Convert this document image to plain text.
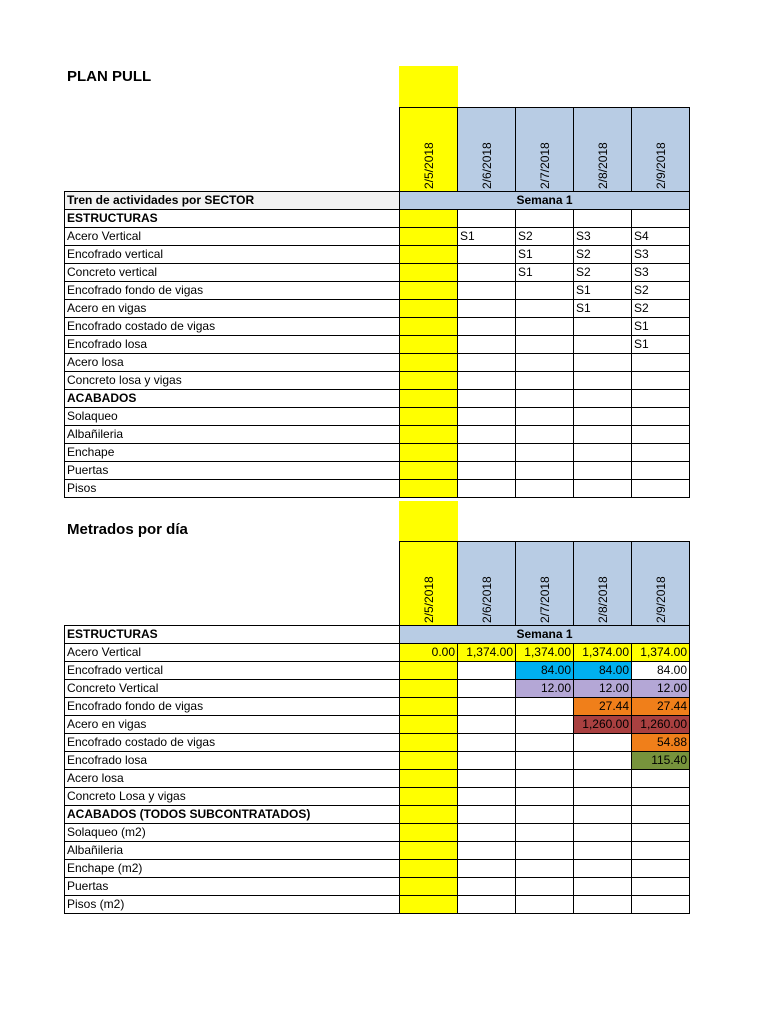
PLAN PULL

	2/5/2018	2/6/2018	2/7/2018	2/8/2018	2/9/2018

Tren de actividades por SECTOR	Semana 1				
ESTRUCTURAS					
Acero Vertical		S1	S2	S3	S4
Encofrado vertical			S1	S2	S3
Concreto vertical			S1	S2	S3
Encofrado fondo de vigas				S1	S2
Acero en vigas				S1	S2
Encofrado costado de vigas					S1
Encofrado losa					S1
Acero losa					
Concreto losa y vigas					
ACABADOS					
Solaqueo					
Albañileria					
Enchape					
Puertas					
Pisos					
Metrados por día

	2/5/2018	2/6/2018	2/7/2018	2/8/2018	2/9/2018

ESTRUCTURAS	Semana 1				
Acero Vertical	0.00	1,374.00	1,374.00	1,374.00	1,374.00
Encofrado vertical			84.00	84.00	84.00
Concreto Vertical			12.00	12.00	12.00
Encofrado fondo de vigas				27.44	27.44
Acero en vigas				1,260.00	1,260.00
Encofrado costado de vigas					54.88
Encofrado losa					115.40
Acero losa					
Concreto Losa y vigas					
ACABADOS (TODOS SUBCONTRATADOS)					
Solaqueo (m2)					
Albañileria					
Enchape (m2)					
Puertas					
Pisos (m2)					
